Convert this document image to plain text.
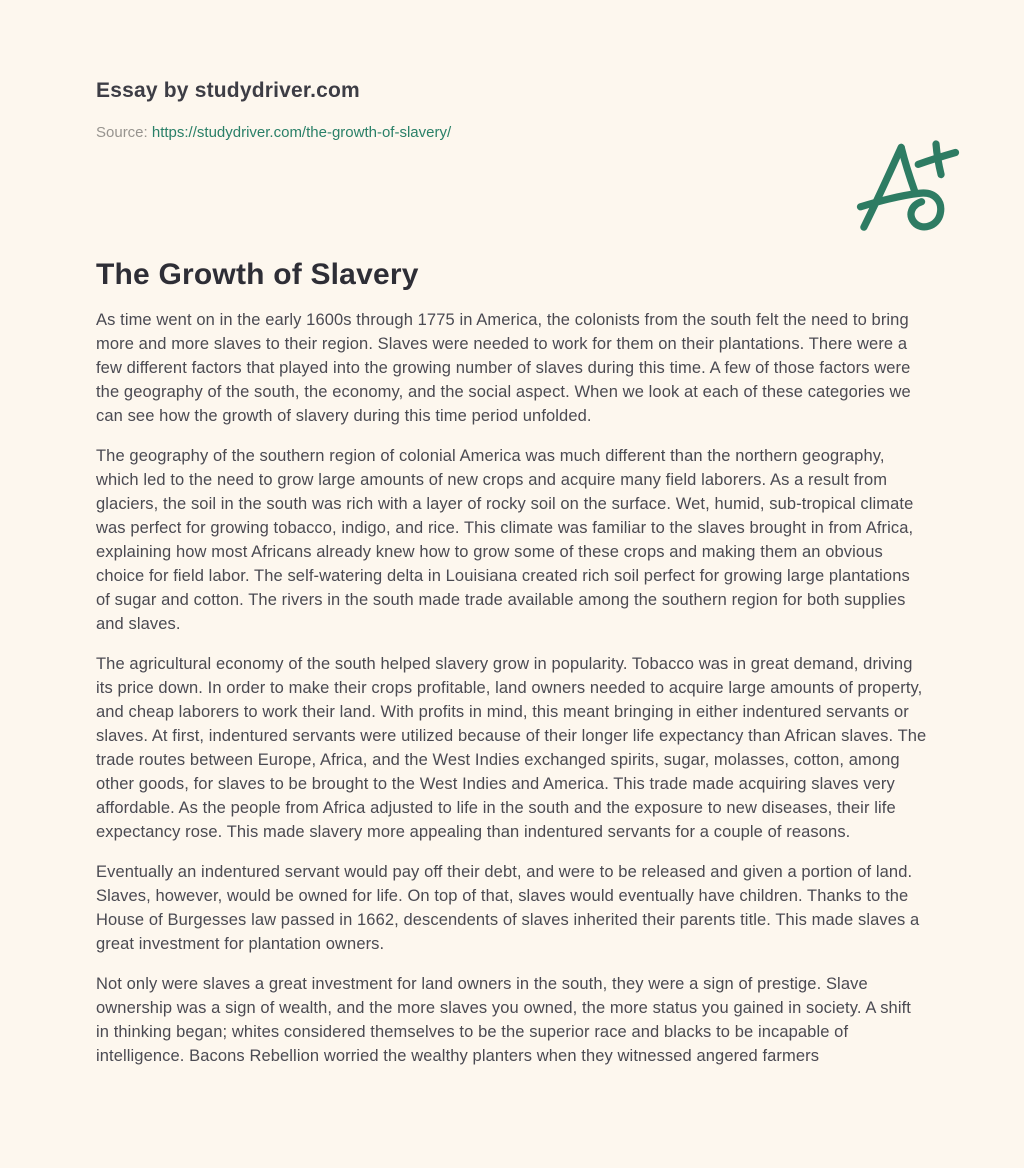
Essay by studydriver.com
Source: https://studydriver.com/the-growth-of-slavery/
The Growth of Slavery

As time went on in the early 1600s through 1775 in America, the colonists from the south felt the need to bring more and more slaves to their region. Slaves were needed to work for them on their plantations. There were a few different factors that played into the growing number of slaves during this time. A few of those factors were the geography of the south, the economy, and the social aspect. When we look at each of these categories we can see how the growth of slavery during this time period unfolded.

The geography of the southern region of colonial America was much different than the northern geography, which led to the need to grow large amounts of new crops and acquire many field laborers. As a result from glaciers, the soil in the south was rich with a layer of rocky soil on the surface. Wet, humid, sub-tropical climate was perfect for growing tobacco, indigo, and rice. This climate was familiar to the slaves brought in from Africa, explaining how most Africans already knew how to grow some of these crops and making them an obvious choice for field labor. The self-watering delta in Louisiana created rich soil perfect for growing large plantations of sugar and cotton. The rivers in the south made trade available among the southern region for both supplies and slaves.

The agricultural economy of the south helped slavery grow in popularity. Tobacco was in great demand, driving its price down. In order to make their crops profitable, land owners needed to acquire large amounts of property, and cheap laborers to work their land. With profits in mind, this meant bringing in either indentured servants or slaves. At first, indentured servants were utilized because of their longer life expectancy than African slaves. The trade routes between Europe, Africa, and the West Indies exchanged spirits, sugar, molasses, cotton, among other goods, for slaves to be brought to the West Indies and America. This trade made acquiring slaves very affordable. As the people from Africa adjusted to life in the south and the exposure to new diseases, their life expectancy rose. This made slavery more appealing than indentured servants for a couple of reasons.

Eventually an indentured servant would pay off their debt, and were to be released and given a portion of land. Slaves, however, would be owned for life. On top of that, slaves would eventually have children. Thanks to the House of Burgesses law passed in 1662, descendents of slaves inherited their parents title. This made slaves a great investment for plantation owners.

Not only were slaves a great investment for land owners in the south, they were a sign of prestige. Slave ownership was a sign of wealth, and the more slaves you owned, the more status you gained in society. A shift in thinking began; whites considered themselves to be the superior race and blacks to be incapable of intelligence. Bacons Rebellion worried the wealthy planters when they witnessed angered farmers
